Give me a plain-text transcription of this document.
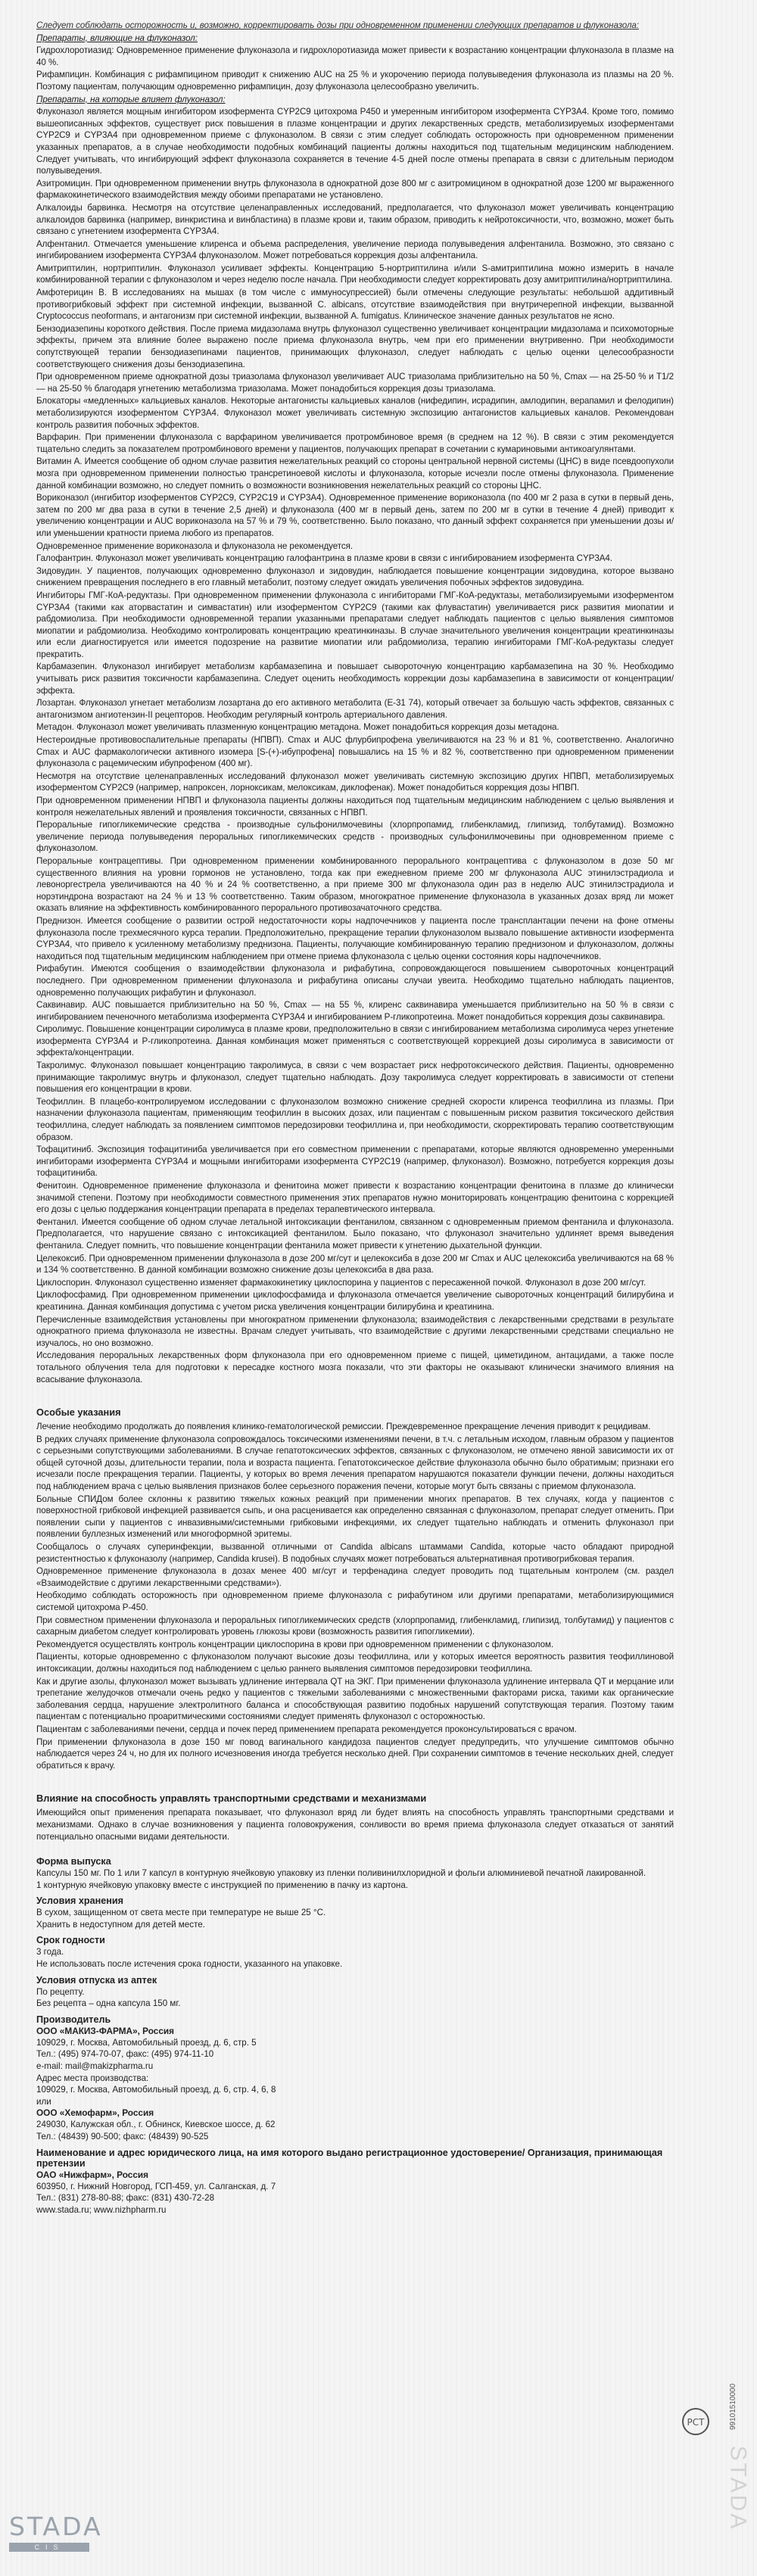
Следует соблюдать осторожность и, возможно, корректировать дозы при одновременном применении следующих препаратов и флуконазола:

Препараты, влияющие на флуконазол:

Гидрохлоротиазид: Одновременное применение флуконазола и гидрохлоротиазида может привести к возрастанию концентрации флуконазола в плазме на 40 %.

Рифампицин. Комбинация с рифампицином приводит к снижению AUC на 25 % и укорочению периода полувыведения флуконазола из плазмы на 20 %. Поэтому пациентам, получающим одновременно рифампицин, дозу флуконазола целесообразно увеличить.

Препараты, на которые влияет флуконазол:

Флуконазол является мощным ингибитором изофермента CYP2C9 цитохрома P450 и умеренным ингибитором изофермента CYP3A4. Кроме того, помимо вышеописанных эффектов, существует риск повышения в плазме концентрации и других лекарственных средств, метаболизируемых изоферментами CYP2C9 и CYP3A4 при одновременном приеме с флуконазолом. В связи с этим следует соблюдать осторожность при одновременном применении указанных препаратов, а в случае необходимости подобных комбинаций пациенты должны находиться под тщательным медицинским наблюдением. Следует учитывать, что ингибирующий эффект флуконазола сохраняется в течение 4-5 дней после отмены препарата в связи с длительным периодом полувыведения.

Азитромицин. При одновременном применении внутрь флуконазола в однократной дозе 800 мг с азитромицином в однократной дозе 1200 мг выраженного фармакокинетического взаимодействия между обоими препаратами не установлено.

Алкалоиды барвинка. Несмотря на отсутствие целенаправленных исследований, предполагается, что флуконазол может увеличивать концентрацию алкалоидов барвинка (например, винкристина и винбластина) в плазме крови и, таким образом, приводить к нейротоксичности, что, возможно, может быть связано с угнетением изофермента CYP3A4.

Алфентанил. Отмечается уменьшение клиренса и объема распределения, увеличение периода полувыведения алфентанила. Возможно, это связано с ингибированием изофермента CYP3A4 флуконазолом. Может потребоваться коррекция дозы алфентанила.

Амитриптилин, нортриптилин. Флуконазол усиливает эффекты. Концентрацию 5-нортриптилина и/или S-амитриптилина можно измерить в начале комбинированной терапии с флуконазолом и через неделю после начала. При необходимости следует корректировать дозу амитриптилина/нортриптилина.

Амфотерицин В. В исследованиях на мышах (в том числе с иммуносупрессией) были отмечены следующие результаты: небольшой аддитивный противогрибковый эффект при системной инфекции, вызванной C. albicans, отсутствие взаимодействия при внутричерепной инфекции, вызванной Cryptococcus neoformans, и антагонизм при системной инфекции, вызванной A. fumigatus. Клиническое значение данных результатов не ясно.

Бензодиазепины короткого действия. После приема мидазолама внутрь флуконазол существенно увеличивает концентрации мидазолама и психомоторные эффекты, причем эта влияние более выражено после приема флуконазола внутрь, чем при его применении внутривенно. При необходимости сопутствующей терапии бензодиазепинами пациентов, принимающих флуконазол, следует наблюдать с целью оценки целесообразности соответствующего снижения дозы бензодиазепина.

При одновременном приеме однократной дозы триазолама флуконазол увеличивает AUC триазолама приблизительно на 50 %, Cmax — на 25-50 % и T1/2 — на 25-50 % благодаря угнетению метаболизма триазолама. Может понадобиться коррекция дозы триазолама.

Блокаторы «медленных» кальциевых каналов. Некоторые антагонисты кальциевых каналов (нифедипин, исрадипин, амлодипин, верапамил и фелодипин) метаболизируются изоферментом CYP3A4. Флуконазол может увеличивать системную экспозицию антагонистов кальциевых каналов. Рекомендован контроль развития побочных эффектов.

Варфарин. При применении флуконазола с варфарином увеличивается протромбиновое время (в среднем на 12 %). В связи с этим рекомендуется тщательно следить за показателем протромбинового времени у пациентов, получающих препарат в сочетании с кумариновыми антикоагулянтами.

Витамин А. Имеется сообщение об одном случае развития нежелательных реакций со стороны центральной нервной системы (ЦНС) в виде псевдоопухоли мозга при одновременном применении полностью трансретиноевой кислоты и флуконазола, которые исчезли после отмены флуконазола. Применение данной комбинации возможно, но следует помнить о возможности возникновения нежелательных реакций со стороны ЦНС.

Вориконазол (ингибитор изоферментов CYP2C9, CYP2C19 и CYP3A4). Одновременное применение вориконазола (по 400 мг 2 раза в сутки в первый день, затем по 200 мг два раза в сутки в течение 2,5 дней) и флуконазола (400 мг в первый день, затем по 200 мг в сутки в течение 4 дней) приводит к увеличению концентрации и AUC вориконазола на 57 % и 79 %, соответственно. Было показано, что данный эффект сохраняется при уменьшении дозы и/или уменьшении кратности приема любого из препаратов.

Одновременное применение вориконазола и флуконазола не рекомендуется.

Галофантрин. Флуконазол может увеличивать концентрацию галофантрина в плазме крови в связи с ингибированием изофермента CYP3A4.

Зидовудин. У пациентов, получающих одновременно флуконазол и зидовудин, наблюдается повышение концентрации зидовудина, которое вызвано снижением превращения последнего в его главный метаболит, поэтому следует ожидать увеличения побочных эффектов зидовудина.

Ингибиторы ГМГ-КоА-редуктазы. При одновременном применении флуконазола с ингибиторами ГМГ-КоА-редуктазы, метаболизируемыми изоферментом CYP3A4 (такими как аторвастатин и симвастатин) или изоферментом CYP2C9 (такими как флувастатин) увеличивается риск развития миопатии и рабдомиолиза. При необходимости одновременной терапии указанными препаратами следует наблюдать пациентов с целью выявления симптомов миопатии и рабдомиолиза. Необходимо контролировать концентрацию креатинкиназы. В случае значительного увеличения концентрации креатинкиназы или если диагностируется или имеется подозрение на развитие миопатии или рабдомиолиза, терапию ингибиторами ГМГ-КоА-редуктазы следует прекратить.

Карбамазепин. Флуконазол ингибирует метаболизм карбамазепина и повышает сывороточную концентрацию карбамазепина на 30 %. Необходимо учитывать риск развития токсичности карбамазепина. Следует оценить необходимость коррекции дозы карбамазепина в зависимости от концентрации/эффекта.

Лозартан. Флуконазол угнетает метаболизм лозартана до его активного метаболита (E-31 74), который отвечает за большую часть эффектов, связанных с антагонизмом ангиотензин-II рецепторов. Необходим регулярный контроль артериального давления.

Метадон. Флуконазол может увеличивать плазменную концентрацию метадона. Может понадобиться коррекция дозы метадона.

Нестероидные противовоспалительные препараты (НПВП). Cmax и AUC флурбипрофена увеличиваются на 23 % и 81 %, соответственно. Аналогично Cmax и AUC фармакологически активного изомера [S-(+)-ибупрофена] повышались на 15 % и 82 %, соответственно при одновременном применении флуконазола с рацемическим ибупрофеном (400 мг).

Несмотря на отсутствие целенаправленных исследований флуконазол может увеличивать системную экспозицию других НПВП, метаболизируемых изоферментом CYP2C9 (например, напроксен, лорноксикам, мелоксикам, диклофенак). Может понадобиться коррекция дозы НПВП.

При одновременном применении НПВП и флуконазола пациенты должны находиться под тщательным медицинским наблюдением с целью выявления и контроля нежелательных явлений и проявления токсичности, связанных с НПВП.

Пероральные гипогликемические средства - производные сульфонилмочевины (хлорпропамид, глибенкламид, глипизид, толбутамид). Возможно увеличение периода полувыведения пероральных гипогликемических средств - производных сульфонилмочевины при одновременном приеме с флуконазолом.

Пероральные контрацептивы. При одновременном применении комбинированного перорального контрацептива с флуконазолом в дозе 50 мг существенного влияния на уровни гормонов не установлено, тогда как при ежедневном приеме 200 мг флуконазола AUC этинилэстрадиола и левоноргестрела увеличиваются на 40 % и 24 % соответственно, а при приеме 300 мг флуконазола один раз в неделю AUC этинилэстрадиола и норэтиндрона возрастают на 24 % и 13 % соответственно. Таким образом, многократное применение флуконазола в указанных дозах вряд ли может оказать влияние на эффективность комбинированного перорального противозачаточного средства.

Преднизон. Имеется сообщение о развитии острой недостаточности коры надпочечников у пациента после трансплантации печени на фоне отмены флуконазола после трехмесячного курса терапии. Предположительно, прекращение терапии флуконазолом вызвало повышение активности изофермента CYP3A4, что привело к усиленному метаболизму преднизона. Пациенты, получающие комбинированную терапию преднизоном и флуконазолом, должны находиться под тщательным медицинским наблюдением при отмене приема флуконазола с целью оценки состояния коры надпочечников.

Рифабутин. Имеются сообщения о взаимодействии флуконазола и рифабутина, сопровождающегося повышением сывороточных концентраций последнего. При одновременном применении флуконазола и рифабутина описаны случаи увеита. Необходимо тщательно наблюдать пациентов, одновременно получающих рифабутин и флуконазол.

Саквинавир. AUC повышается приблизительно на 50 %, Cmax — на 55 %, клиренс саквинавира уменьшается приблизительно на 50 % в связи с ингибированием печеночного метаболизма изофермента CYP3A4 и ингибированием P-гликопротеина. Может понадобиться коррекция дозы саквинавира.

Сиролимус. Повышение концентрации сиролимуса в плазме крови, предположительно в связи с ингибированием метаболизма сиролимуса через угнетение изофермента CYP3A4 и P-гликопротеина. Данная комбинация может применяться с соответствующей коррекцией дозы сиролимуса в зависимости от эффекта/концентрации.

Такролимус. Флуконазол повышает концентрацию такролимуса, в связи с чем возрастает риск нефротоксического действия. Пациенты, одновременно принимающие такролимус внутрь и флуконазол, следует тщательно наблюдать. Дозу такролимуса следует корректировать в зависимости от степени повышения его концентрации в крови.

Теофиллин. В плацебо-контролируемом исследовании с флуконазолом возможно снижение средней скорости клиренса теофиллина из плазмы. При назначении флуконазола пациентам, применяющим теофиллин в высоких дозах, или пациентам с повышенным риском развития токсического действия теофиллина, следует наблюдать за появлением симптомов передозировки теофиллина и, при необходимости, скорректировать терапию соответствующим образом.

Тофацитиниб. Экспозиция тофацитиниба увеличивается при его совместном применении с препаратами, которые являются одновременно умеренными ингибиторами изофермента CYP3A4 и мощными ингибиторами изофермента CYP2C19 (например, флуконазол). Возможно, потребуется коррекция дозы тофацитиниба.

Фенитоин. Одновременное применение флуконазола и фенитоина может привести к возрастанию концентрации фенитоина в плазме до клинически значимой степени. Поэтому при необходимости совместного применения этих препаратов нужно мониторировать концентрацию фенитоина с коррекцией его дозы с целью поддержания концентрации препарата в пределах терапевтического интервала.

Фентанил. Имеется сообщение об одном случае летальной интоксикации фентанилом, связанном с одновременным приемом фентанила и флуконазола. Предполагается, что нарушение связано с интоксикацией фентанилом. Было показано, что флуконазол значительно удлиняет время выведения фентанила. Следует помнить, что повышение концентрации фентанила может привести к угнетению дыхательной функции.

Целекоксиб. При одновременном применении флуконазола в дозе 200 мг/сут и целекоксиба в дозе 200 мг Cmax и AUC целекоксиба увеличиваются на 68 % и 134 % соответственно. В данной комбинации возможно снижение дозы целекоксиба в два раза.

Циклоспорин. Флуконазол существенно изменяет фармакокинетику циклоспорина у пациентов с пересаженной почкой. Флуконазол в дозе 200 мг/сут.

Циклофосфамид. При одновременном применении циклофосфамида и флуконазола отмечается увеличение сывороточных концентраций билирубина и креатинина. Данная комбинация допустима с учетом риска увеличения концентрации билирубина и креатинина.

Перечисленные взаимодействия установлены при многократном применении флуконазола; взаимодействия с лекарственными средствами в результате однократного приема флуконазола не известны. Врачам следует учитывать, что взаимодействие с другими лекарственными средствами специально не изучалось, но оно возможно.

Исследования пероральных лекарственных форм флуконазола при его одновременном приеме с пищей, циметидином, антацидами, а также после тотального облучения тела для подготовки к пересадке костного мозга показали, что эти факторы не оказывают клинически значимого влияния на всасывание флуконазола.

Особые указания

Лечение необходимо продолжать до появления клинико-гематологической ремиссии. Преждевременное прекращение лечения приводит к рецидивам.

В редких случаях применение флуконазола сопровождалось токсическими изменениями печени, в т.ч. с летальным исходом, главным образом у пациентов с серьезными сопутствующими заболеваниями. В случае гепатотоксических эффектов, связанных с флуконазолом, не отмечено явной зависимости их от общей суточной дозы, длительности терапии, пола и возраста пациента. Гепатотоксическое действие флуконазола обычно было обратимым; признаки его исчезали после прекращения терапии. Пациенты, у которых во время лечения препаратом нарушаются показатели функции печени, должны находиться под наблюдением врача с целью выявления признаков более серьезного поражения печени, которые могут быть связаны с приемом флуконазола.

Больные СПИДом более склонны к развитию тяжелых кожных реакций при применении многих препаратов. В тех случаях, когда у пациентов с поверхностной грибковой инфекцией развивается сыпь, и она расценивается как определенно связанная с флуконазолом, препарат следует отменить. При появлении сыпи у пациентов с инвазивными/системными грибковыми инфекциями, их следует тщательно наблюдать и отменить флуконазол при появлении буллезных изменений или многоформной эритемы.

Сообщалось о случаях суперинфекции, вызванной отличными от Candida albicans штаммами Candida, которые часто обладают природной резистентностью к флуконазолу (например, Candida krusei). В подобных случаях может потребоваться альтернативная противогрибковая терапия.

Одновременное применение флуконазола в дозах менее 400 мг/сут и терфенадина следует проводить под тщательным контролем (см. раздел «Взаимодействие с другими лекарственными средствами»).

Необходимо соблюдать осторожность при одновременном приеме флуконазола с рифабутином или другими препаратами, метаболизирующимися системой цитохрома P-450.

При совместном применении флуконазола и пероральных гипогликемических средств (хлорпропамид, глибенкламид, глипизид, толбутамид) у пациентов с сахарным диабетом следует контролировать уровень глюкозы крови (возможность развития гипогликемии).

Рекомендуется осуществлять контроль концентрации циклоспорина в крови при одновременном применении с флуконазолом.

Пациенты, которые одновременно с флуконазолом получают высокие дозы теофиллина, или у которых имеется вероятность развития теофиллиновой интоксикации, должны находиться под наблюдением с целью раннего выявления симптомов передозировки теофиллина.

Как и другие азолы, флуконазол может вызывать удлинение интервала QT на ЭКГ. При применении флуконазола удлинение интервала QT и мерцание или трепетание желудочков отмечали очень редко у пациентов с тяжелыми заболеваниями с множественными факторами риска, такими как органические заболевания сердца, нарушение электролитного баланса и способствующая развитию подобных нарушений сопутствующая терапия. Поэтому таким пациентам с потенциально проаритмическими состояниями следует применять флуконазол с осторожностью.

Пациентам с заболеваниями печени, сердца и почек перед применением препарата рекомендуется проконсультироваться с врачом.

При применении флуконазола в дозе 150 мг повод вагинального кандидоза пациентов следует предупредить, что улучшение симптомов обычно наблюдается через 24 ч, но для их полного исчезновения иногда требуется несколько дней. При сохранении симптомов в течение нескольких дней, следует обратиться к врачу.

Влияние на способность управлять транспортными средствами и механизмами

Имеющийся опыт применения препарата показывает, что флуконазол вряд ли будет влиять на способность управлять транспортными средствами и механизмами. Однако в случае возникновения у пациента головокружения, сонливости во время приема флуконазола следует отказаться от занятий потенциально опасными видами деятельности.

Форма выпуска

Капсулы 150 мг. По 1 или 7 капсул в контурную ячейковую упаковку из пленки поливинилхлоридной и фольги алюминиевой печатной лакированной.

1 контурную ячейковую упаковку вместе с инструкцией по применению в пачку из картона.

Условия хранения

В сухом, защищенном от света месте при температуре не выше 25 °С.

Хранить в недоступном для детей месте.

Срок годности

3 года.

Не использовать после истечения срока годности, указанного на упаковке.

Условия отпуска из аптек

По рецепту.

Без рецепта – одна капсула 150 мг.

Производитель
ООО «МАКИЗ-ФАРМА», Россия

109029, г. Москва, Автомобильный проезд, д. 6, стр. 5

Тел.: (495) 974-70-07, факс: (495) 974-11-10

e-mail: mail@makizpharma.ru

Адрес места производства:

109029, г. Москва, Автомобильный проезд, д. 6, стр. 4, 6, 8

или

ООО «Хемофарм», Россия

249030, Калужская обл., г. Обнинск, Киевское шоссе, д. 62

Тел.: (48439) 90-500; факс: (48439) 90-525

Наименование и адрес юридического лица, на имя которого выдано регистрационное удостоверение/ Организация, принимающая претензии
ОАО «Нижфарм», Россия

603950, г. Нижний Новгород, ГСП-459, ул. Салганская, д. 7

Тел.: (831) 278-80-88; факс: (831) 430-72-28

www.stada.ru; www.nizhpharm.ru

РСТ	99101510000
STADA
STADA
CIS
